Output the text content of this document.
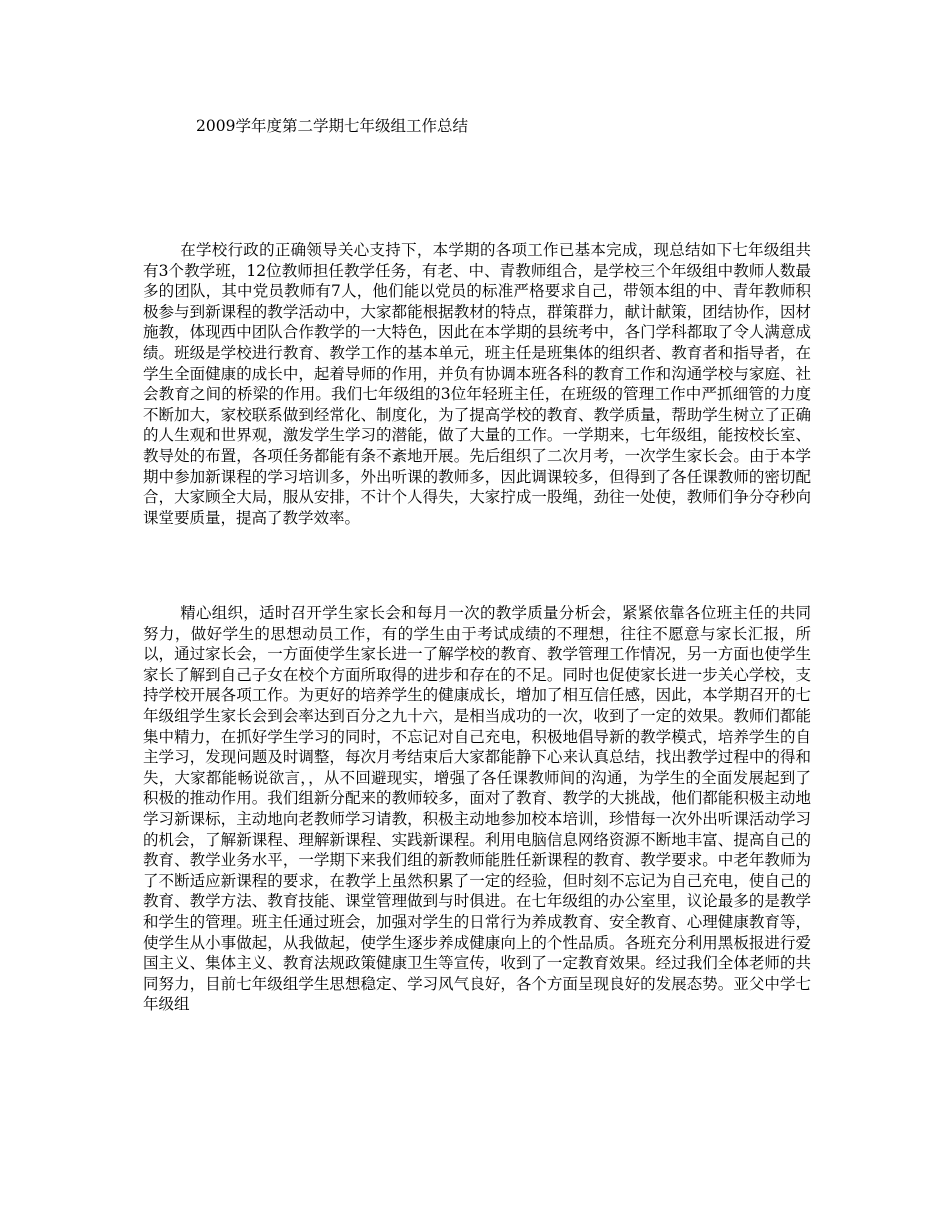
2009学年度第二学期七年级组工作总结

在学校行政的正确领导关心支持下，本学期的各项工作已基本完成，现总结如下七年级组共有3个教学班，12位教师担任教学任务，有老、中、青教师组合，是学校三个年级组中教师人数最多的团队，其中党员教师有7人，他们能以党员的标准严格要求自己，带领本组的中、青年教师积极参与到新课程的教学活动中，大家都能根据教材的特点，群策群力，献计献策，团结协作，因材施教，体现西中团队合作教学的一大特色，因此在本学期的县统考中，各门学科都取了令人满意成绩。班级是学校进行教育、教学工作的基本单元，班主任是班集体的组织者、教育者和指导者，在学生全面健康的成长中，起着导师的作用，并负有协调本班各科的教育工作和沟通学校与家庭、社会教育之间的桥梁的作用。我们七年级组的3位年轻班主任，在班级的管理工作中严抓细管的力度不断加大，家校联系做到经常化、制度化，为了提高学校的教育、教学质量，帮助学生树立了正确的人生观和世界观，激发学生学习的潜能，做了大量的工作。一学期来，七年级组，能按校长室、教导处的布置，各项任务都能有条不紊地开展。先后组织了二次月考，一次学生家长会。由于本学期中参加新课程的学习培训多，外出听课的教师多，因此调课较多，但得到了各任课教师的密切配合，大家顾全大局，服从安排，不计个人得失，大家拧成一股绳，劲往一处使，教师们争分夺秒向课堂要质量，提高了教学效率。

精心组织，适时召开学生家长会和每月一次的教学质量分析会，紧紧依靠各位班主任的共同努力，做好学生的思想动员工作，有的学生由于考试成绩的不理想，往往不愿意与家长汇报，所以，通过家长会，一方面使学生家长进一了解学校的教育、教学管理工作情况，另一方面也使学生家长了解到自己子女在校个方面所取得的进步和存在的不足。同时也促使家长进一步关心学校，支持学校开展各项工作。为更好的培养学生的健康成长，增加了相互信任感，因此，本学期召开的七年级组学生家长会到会率达到百分之九十六，是相当成功的一次，收到了一定的效果。教师们都能集中精力，在抓好学生学习的同时，不忘记对自己充电，积极地倡导新的教学模式，培养学生的自主学习，发现问题及时调整，每次月考结束后大家都能静下心来认真总结，找出教学过程中的得和失，大家都能畅说欲言，，从不回避现实，增强了各任课教师间的沟通，为学生的全面发展起到了积极的推动作用。我们组新分配来的教师较多，面对了教育、教学的大挑战，他们都能积极主动地学习新课标，主动地向老教师学习请教，积极主动地参加校本培训，珍惜每一次外出听课活动学习的机会，了解新课程、理解新课程、实践新课程。利用电脑信息网络资源不断地丰富、提高自己的教育、教学业务水平，一学期下来我们组的新教师能胜任新课程的教育、教学要求。中老年教师为了不断适应新课程的要求，在教学上虽然积累了一定的经验，但时刻不忘记为自己充电，使自己的教育、教学方法、教育技能、课堂管理做到与时俱进。在七年级组的办公室里，议论最多的是教学和学生的管理。班主任通过班会，加强对学生的日常行为养成教育、安全教育、心理健康教育等，使学生从小事做起，从我做起，使学生逐步养成健康向上的个性品质。各班充分利用黑板报进行爱国主义、集体主义、教育法规政策健康卫生等宣传，收到了一定教育效果。经过我们全体老师的共同努力，目前七年级组学生思想稳定、学习风气良好，各个方面呈现良好的发展态势。亚父中学七年级组
